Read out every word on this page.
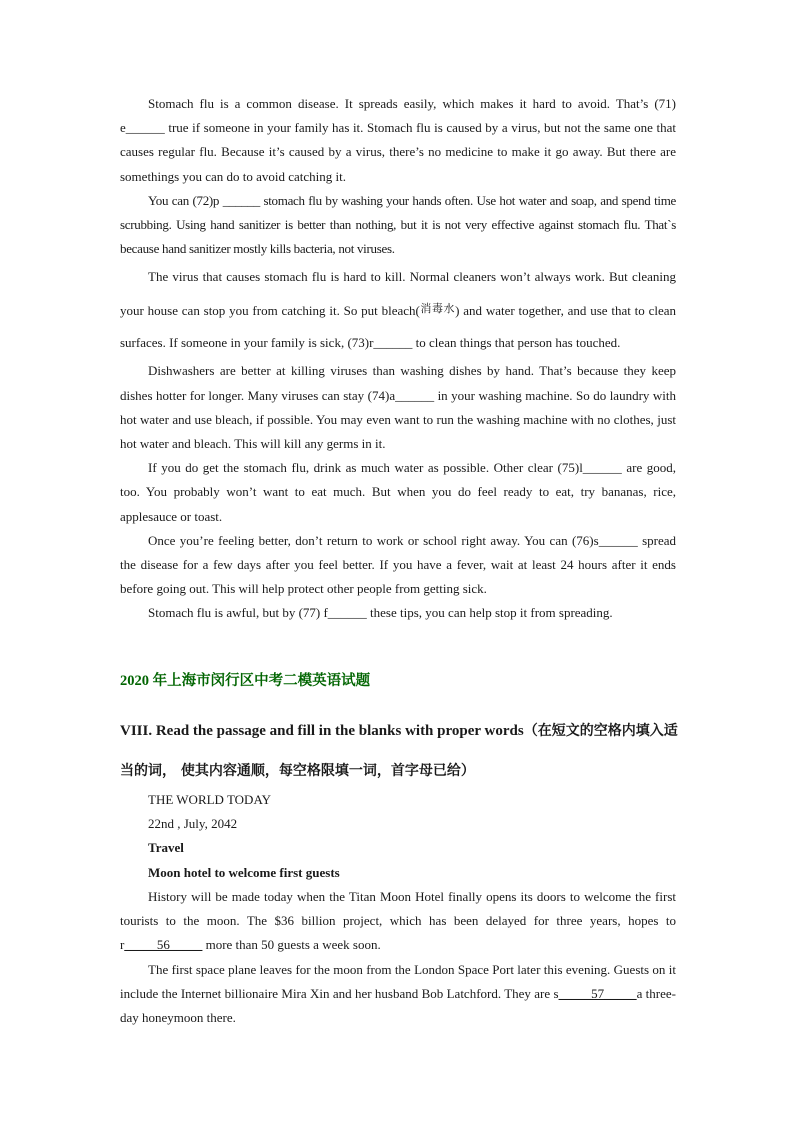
Stomach flu is a common disease. It spreads easily, which makes it hard to avoid. That’s (71) e______ true if someone in your family has it. Stomach flu is caused by a virus, but not the same one that causes regular flu. Because it’s caused by a virus, there’s no medicine to make it go away. But there are somethings you can do to avoid catching it.

You can (72)p ______ stomach flu by washing your hands often. Use hot water and soap, and spend time scrubbing. Using hand sanitizer is better than nothing, but it is not very effective against stomach flu. That`s because hand sanitizer mostly kills bacteria, not viruses.

The virus that causes stomach flu is hard to kill. Normal cleaners won’t always work. But cleaning your house can stop you from catching it. So put bleach($^{消毒水}$) and water together, and use that to clean surfaces. If someone in your family is sick, (73)r______ to clean things that person has touched.

Dishwashers are better at killing viruses than washing dishes by hand. That’s because they keep dishes hotter for longer. Many viruses can stay (74)a______ in your washing machine. So do laundry with hot water and use bleach, if possible. You may even want to run the washing machine with no clothes, just hot water and bleach. This will kill any germs in it.

If you do get the stomach flu, drink as much water as possible. Other clear (75)l______ are good, too. You probably won’t want to eat much. But when you do feel ready to eat, try bananas, rice, applesauce or toast.

Once you’re feeling better, don’t return to work or school right away. You can (76)s______ spread the disease for a few days after you feel better. If you have a fever, wait at least 24 hours after it ends before going out. This will help protect other people from getting sick.

Stomach flu is awful, but by (77) f______ these tips, you can help stop it from spreading.

2020 年上海市闵行区中考二模英语试题
VIII. Read the passage and fill in the blanks with proper words（在短文的空格内填入适当的词， 使其内容通顺，每空格限填一词，首字母已给）
THE WORLD TODAY
22nd , July, 2042
Travel
Moon hotel to welcome first guests

History will be made today when the Titan Moon Hotel finally opens its doors to welcome the first tourists to the moon. The $36 billion project, which has been delayed for three years, hopes to r_____56_____ more than 50 guests a week soon.

The first space plane leaves for the moon from the London Space Port later this evening. Guests on it include the Internet billionaire Mira Xin and her husband Bob Latchford. They are s_____57_____a three-day honeymoon there.
